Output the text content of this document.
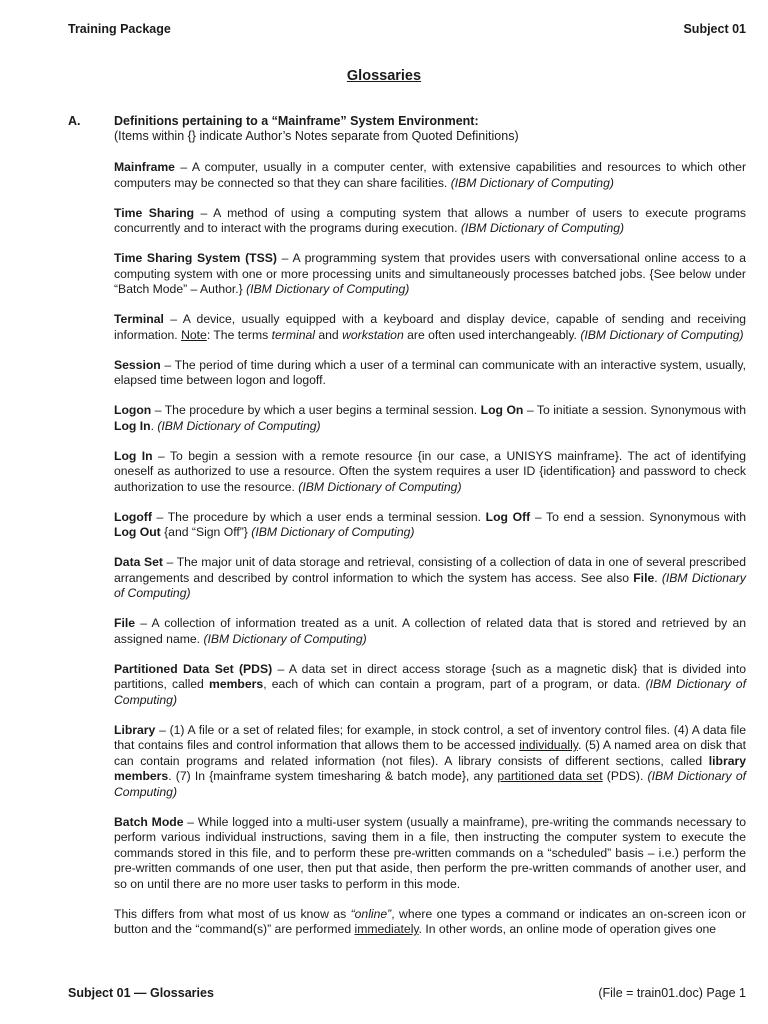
Training Package	Subject 01
Glossaries
A.	Definitions pertaining to a “Mainframe” System Environment:
(Items within {} indicate Author’s Notes separate from Quoted Definitions)

Mainframe – A computer, usually in a computer center, with extensive capabilities and resources to which other computers may be connected so that they can share facilities. (IBM Dictionary of Computing)

Time Sharing – A method of using a computing system that allows a number of users to execute programs concurrently and to interact with the programs during execution. (IBM Dictionary of Computing)

Time Sharing System (TSS) – A programming system that provides users with conversational online access to a computing system with one or more processing units and simultaneously processes batched jobs. {See below under “Batch Mode” – Author.} (IBM Dictionary of Computing)

Terminal – A device, usually equipped with a keyboard and display device, capable of sending and receiving information. Note: The terms terminal and workstation are often used interchangeably. (IBM Dictionary of Computing)

Session – The period of time during which a user of a terminal can communicate with an interactive system, usually, elapsed time between logon and logoff.

Logon – The procedure by which a user begins a terminal session. Log On – To initiate a session. Synonymous with Log In. (IBM Dictionary of Computing)

Log In – To begin a session with a remote resource {in our case, a UNISYS mainframe}. The act of identifying oneself as authorized to use a resource. Often the system requires a user ID {identification} and password to check authorization to use the resource. (IBM Dictionary of Computing)

Logoff – The procedure by which a user ends a terminal session. Log Off – To end a session. Synonymous with Log Out {and “Sign Off”} (IBM Dictionary of Computing)

Data Set – The major unit of data storage and retrieval, consisting of a collection of data in one of several prescribed arrangements and described by control information to which the system has access. See also File. (IBM Dictionary of Computing)

File – A collection of information treated as a unit. A collection of related data that is stored and retrieved by an assigned name. (IBM Dictionary of Computing)

Partitioned Data Set (PDS) – A data set in direct access storage {such as a magnetic disk} that is divided into partitions, called members, each of which can contain a program, part of a program, or data. (IBM Dictionary of Computing)

Library – (1) A file or a set of related files; for example, in stock control, a set of inventory control files. (4) A data file that contains files and control information that allows them to be accessed individually. (5) A named area on disk that can contain programs and related information (not files). A library consists of different sections, called library members. (7) In {mainframe system timesharing & batch mode}, any partitioned data set (PDS). (IBM Dictionary of Computing)

Batch Mode – While logged into a multi-user system (usually a mainframe), pre-writing the commands necessary to perform various individual instructions, saving them in a file, then instructing the computer system to execute the commands stored in this file, and to perform these pre-written commands on a “scheduled” basis – i.e.) perform the pre-written commands of one user, then put that aside, then perform the pre-written commands of another user, and so on until there are no more user tasks to perform in this mode.

This differs from what most of us know as “online”, where one types a command or indicates an on-screen icon or button and the “command(s)” are performed immediately. In other words, an online mode of operation gives one

Subject 01 — Glossaries	(File = train01.doc) Page 1
